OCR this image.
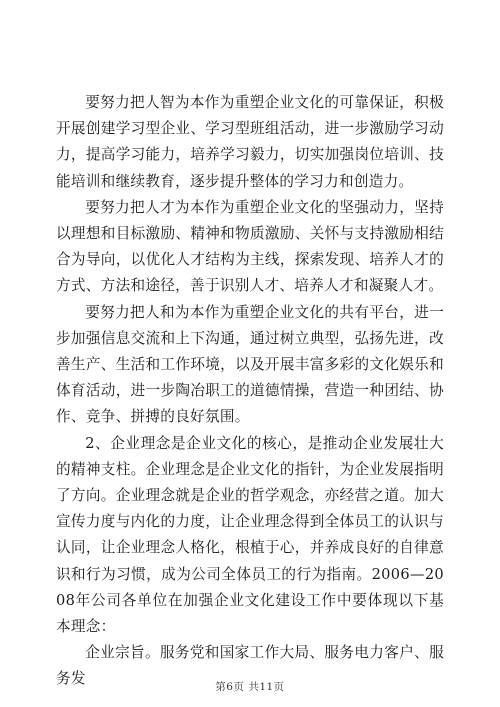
要努力把人智为本作为重塑企业文化的可靠保证，积极开展创建学习型企业、学习型班组活动，进一步激励学习动力，提高学习能力，培养学习毅力，切实加强岗位培训、技能培训和继续教育，逐步提升整体的学习力和创造力。

要努力把人才为本作为重塑企业文化的坚强动力，坚持以理想和目标激励、精神和物质激励、关怀与支持激励相结合为导向，以优化人才结构为主线，探索发现、培养人才的方式、方法和途径，善于识别人才、培养人才和凝聚人才。

要努力把人和为本作为重塑企业文化的共有平台，进一步加强信息交流和上下沟通，通过树立典型，弘扬先进，改善生产、生活和工作环境，以及开展丰富多彩的文化娱乐和体育活动，进一步陶冶职工的道德情操，营造一种团结、协作、竞争、拼搏的良好氛围。

2、企业理念是企业文化的核心，是推动企业发展壮大的精神支柱。企业理念是企业文化的指针，为企业发展指明了方向。企业理念就是企业的哲学观念，亦经营之道。加大宣传力度与内化的力度，让企业理念得到全体员工的认识与认同，让企业理念人格化，根植于心，并养成良好的自律意识和行为习惯，成为公司全体员工的行为指南。2006—2008年公司各单位在加强企业文化建设工作中要体现以下基本理念：

企业宗旨。服务党和国家工作大局、服务电力客户、服务发	第6页 共11页
